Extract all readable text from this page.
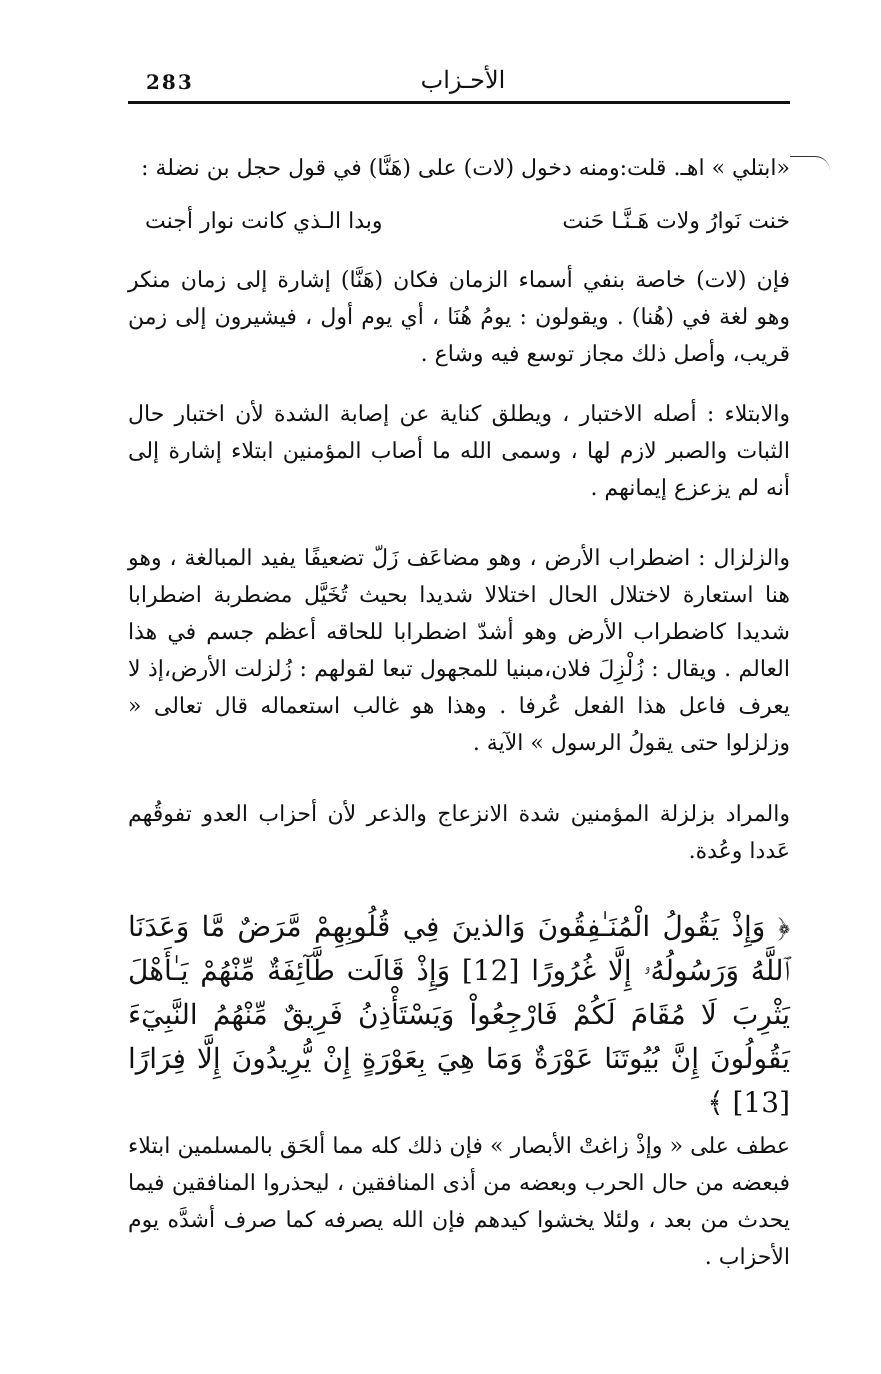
283	الأحـزاب

«ابتلي » اهـ. قلت:ومنه دخول (لات) على (هَنَّا) في قول حجل بن نضلة :

خنت نَوارُ ولات هَـنَّـا حَنت
وبدا الـذي كانت نوار أجنت

فإن (لات) خاصة بنفي أسماء الزمان فكان (هَنَّا) إشارة إلى زمان منكر وهو لغة في (هُنا) . ويقولون : يومُ هُنَا ، أي يوم أول ، فيشيرون إلى زمن قريب، وأصل ذلك مجاز توسع فيه وشاع .

والابتلاء : أصله الاختبار ، ويطلق كناية عن إصابة الشدة لأن اختبار حال الثبات والصبر لازم لها ، وسمى الله ما أصاب المؤمنين ابتلاء إشارة إلى أنه لم يزعزع إيمانهم .

والزلزال : اضطراب الأرض ، وهو مضاعَف زَلّ تضعيفًا يفيد المبالغة ، وهو هنا استعارة لاختلال الحال اختلالا شديدا بحيث تُخَيَّل مضطربة اضطرابا شديدا كاضطراب الأرض وهو أشدّ اضطرابا للحاقه أعظم جسم في هذا العالم . ويقال : زُلْزِلَ فلان،مبنيا للمجهول تبعا لقولهم : زُلزلت الأرض،إذ لا يعرف فاعل هذا الفعل عُرفا . وهذا هو غالب استعماله قال تعالى « وزلزلوا حتى يقولُ الرسول » الآية .

والمراد بزلزلة المؤمنين شدة الانزعاج والذعر لأن أحزاب العدو تفوقُهم عَددا وعُدة.

﴿ وَإِذْ يَقُولُ الْمُنَـٰفِقُونَ وَالذينَ فِي قُلُوبِهِمْ مَّرَضٌ مَّا وَعَدَنَا ٱللَّهُ وَرَسُولُهُۥ إِلَّا غُرُورًا [12] وَإِذْ قَالَت طَّآئِفَةٌ مِّنْهُمْ يَـٰأَهْلَ يَثْرِبَ لَا مُقَامَ لَكُمْ فَارْجِعُواْ وَيَسْتَأْذِنُ فَرِيقٌ مِّنْهُمُ النَّبِيٓءَ يَقُولُونَ إِنَّ بُيُوتَنَا عَوْرَةٌ وَمَا هِيَ بِعَوْرَةٍ إِنْ يُّرِيدُونَ إِلَّا فِرَارًا [13] ﴾

عطف على « وإذْ زاغتْ الأبصار » فإن ذلك كله مما ألحَق بالمسلمين ابتلاء فبعضه من حال الحرب وبعضه من أذى المنافقين ، ليحذروا المنافقين فيما يحدث من بعد ، ولئلا يخشوا كيدهم فإن الله يصرفه كما صرف أشدَّه يوم الأحزاب .
